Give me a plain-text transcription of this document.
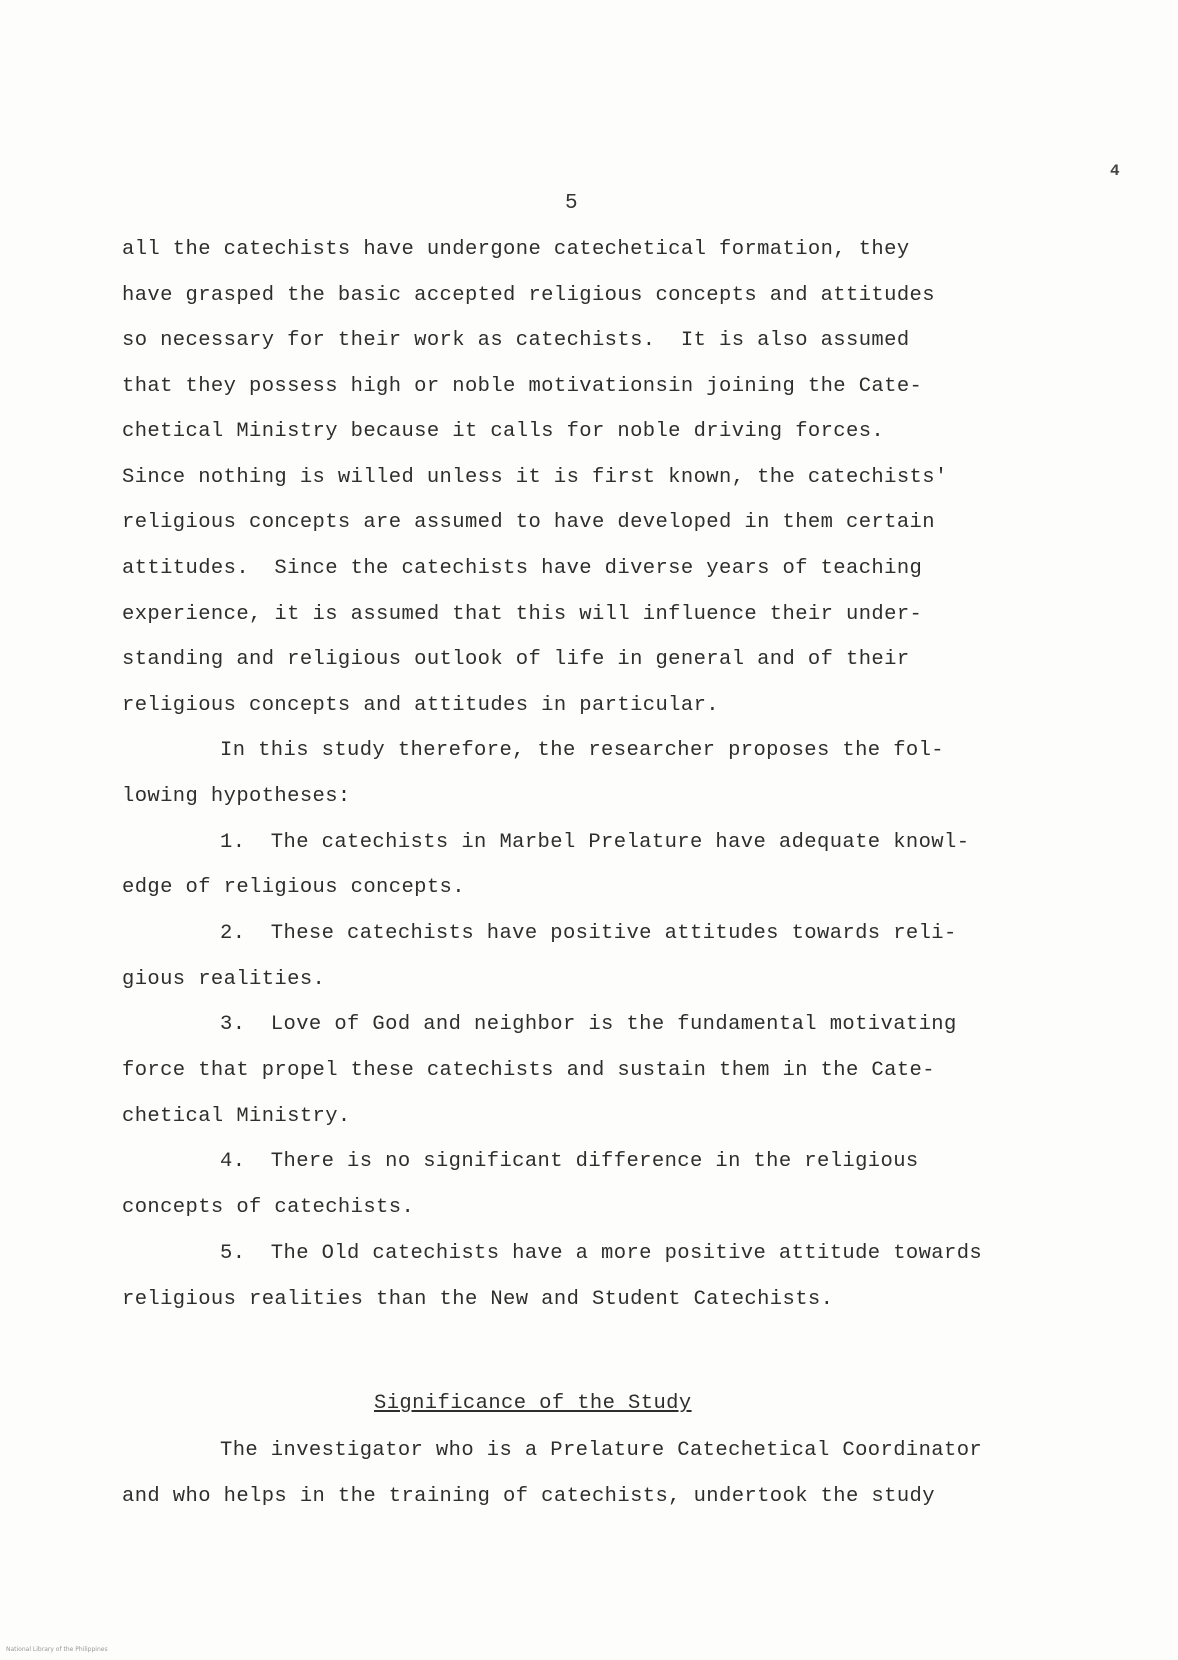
4
5
all the catechists have undergone catechetical formation, they
have grasped the basic accepted religious concepts and attitudes
so necessary for their work as catechists.  It is also assumed
that they possess high or noble motivationsin joining the Cate-
chetical Ministry because it calls for noble driving forces.
Since nothing is willed unless it is first known, the catechists'
religious concepts are assumed to have developed in them certain
attitudes.  Since the catechists have diverse years of teaching
experience, it is assumed that this will influence their under-
standing and religious outlook of life in general and of their
religious concepts and attitudes in particular.
In this study therefore, the researcher proposes the fol-
lowing hypotheses:
1.  The catechists in Marbel Prelature have adequate knowl-
edge of religious concepts.
2.  These catechists have positive attitudes towards reli-
gious realities.
3.  Love of God and neighbor is the fundamental motivating
force that propel these catechists and sustain them in the Cate-
chetical Ministry.
4.  There is no significant difference in the religious
concepts of catechists.
5.  The Old catechists have a more positive attitude towards
religious realities than the New and Student Catechists.
Significance of the Study
The investigator who is a Prelature Catechetical Coordinator
and who helps in the training of catechists, undertook the study
National Library of the Philippines
